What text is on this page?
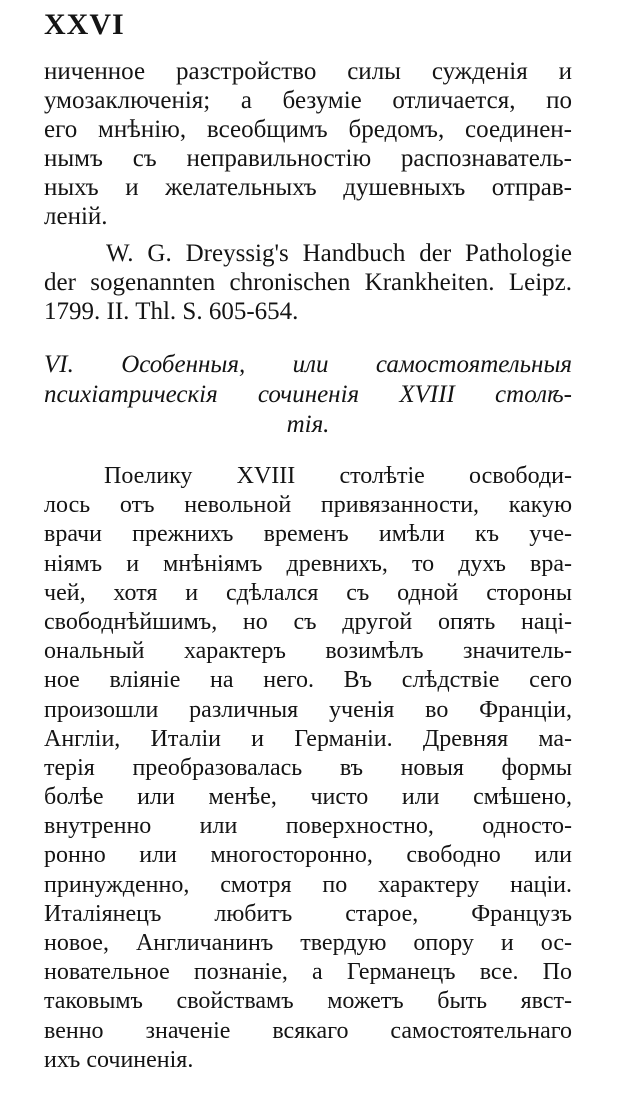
XXVI
ниченное разстройство силы сужденія и
умозаключенія; а безуміе отличается, по
его мнѣнію, всеобщимъ бредомъ, соединен-
нымъ съ неправильностію распознаватель-
ныхъ и желательныхъ душевныхъ отправ-
леній.
W. G. Dreyssig's Handbuch der Pathologie
der sogenannten chronischen Krankheiten. Leipz.
1799. II. Thl. S. 605-654.
VI. Особенныя, или самостоятельныя
психіатрическія сочиненія XVIII столѣ-
тія.
Поелику XVIII столѣтіе освободи-
лось отъ невольной привязанности, какую
врачи прежнихъ временъ имѣли къ уче-
ніямъ и мнѣніямъ древнихъ, то духъ вра-
чей, хотя и сдѣлался съ одной стороны
свободнѣйшимъ, но съ другой опять наці-
ональный характеръ возимѣлъ значитель-
ное вліяніе на него. Въ слѣдствіе сего
произошли различныя ученія во Франціи,
Англіи, Италіи и Германіи. Древняя ма-
терія преобразовалась въ новыя формы
болѣе или менѣе, чисто или смѣшено,
внутренно или поверхностно, односто-
ронно или многосторонно, свободно или
принужденно, смотря по характеру націи.
Италіянецъ любитъ старое, Французъ
новое, Англичанинъ твердую опору и ос-
новательное познаніе, а Германецъ все. По
таковымъ свойствамъ можетъ быть явст-
венно значеніе всякаго самостоятельнаго
ихъ сочиненія.
